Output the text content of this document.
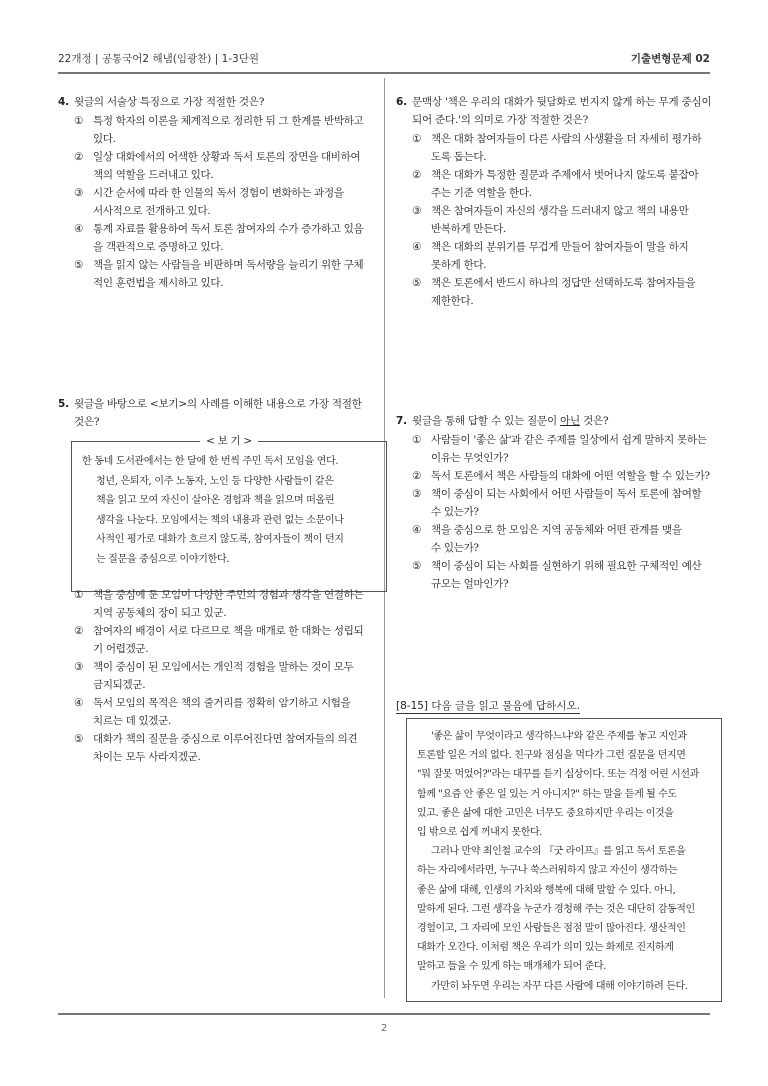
22개정 | 공통국어2 해냄(임광찬) | 1-3단원	기출변형문제 02
4. 윗글의 서술상 특징으로 가장 적절한 것은?
① 특정 학자의 이론을 체계적으로 정리한 뒤 그 한계를 반박하고
있다.
② 일상 대화에서의 어색한 상황과 독서 토론의 장면을 대비하여
책의 역할을 드러내고 있다.
③ 시간 순서에 따라 한 인물의 독서 경험이 변화하는 과정을
서사적으로 전개하고 있다.
④ 통계 자료를 활용하여 독서 토론 참여자의 수가 증가하고 있음
을 객관적으로 증명하고 있다.
⑤ 책을 읽지 않는 사람들을 비판하며 독서량을 늘리기 위한 구체
적인 훈련법을 제시하고 있다.
5. 윗글을 바탕으로 <보기>의 사례를 이해한 내용으로 가장 적절한
것은?
< 보 기 >

한 동네 도서관에서는 한 달에 한 번씩 주민 독서 모임을 연다.

청년, 은퇴자, 이주 노동자, 노인 등 다양한 사람들이 같은

책을 읽고 모여 자신이 살아온 경험과 책을 읽으며 떠올린

생각을 나눈다. 모임에서는 책의 내용과 관련 없는 소문이나

사적인 평가로 대화가 흐르지 않도록, 참여자들이 책이 던지

는 질문을 중심으로 이야기한다.

① 책을 중심에 둔 모임이 다양한 주민의 경험과 생각을 연결하는
지역 공동체의 장이 되고 있군.
② 참여자의 배경이 서로 다르므로 책을 매개로 한 대화는 성립되
기 어렵겠군.
③ 책이 중심이 된 모임에서는 개인적 경험을 말하는 것이 모두
금지되겠군.
④ 독서 모임의 목적은 책의 줄거리를 정확히 암기하고 시험을
치르는 데 있겠군.
⑤ 대화가 책의 질문을 중심으로 이루어진다면 참여자들의 의견
차이는 모두 사라지겠군.
6. 문맥상 '책은 우리의 대화가 뒷담화로 번지지 않게 하는 무게 중심이
되어 준다.'의 의미로 가장 적절한 것은?
① 책은 대화 참여자들이 다른 사람의 사생활을 더 자세히 평가하
도록 돕는다.
② 책은 대화가 특정한 질문과 주제에서 벗어나지 않도록 붙잡아
주는 기준 역할을 한다.
③ 책은 참여자들이 자신의 생각을 드러내지 않고 책의 내용만
반복하게 만든다.
④ 책은 대화의 분위기를 무겁게 만들어 참여자들이 말을 하지
못하게 한다.
⑤ 책은 토론에서 반드시 하나의 정답만 선택하도록 참여자들을
제한한다.
7. 윗글을 통해 답할 수 있는 질문이 아닌 것은?
① 사람들이 '좋은 삶'과 같은 주제를 일상에서 쉽게 말하지 못하는
이유는 무엇인가?
② 독서 토론에서 책은 사람들의 대화에 어떤 역할을 할 수 있는가?
③ 책이 중심이 되는 사회에서 어떤 사람들이 독서 토론에 참여할
수 있는가?
④ 책을 중심으로 한 모임은 지역 공동체와 어떤 관계를 맺을
수 있는가?
⑤ 책이 중심이 되는 사회를 실현하기 위해 필요한 구체적인 예산
규모는 얼마인가?
[8-15] 다음 글을 읽고 물음에 답하시오.

'좋은 삶이 무엇이라고 생각하느냐'와 같은 주제를 놓고 지인과

토론할 일은 거의 없다. 친구와 점심을 먹다가 그런 질문을 던지면

"뭐 잘못 먹었어?"라는 대꾸를 듣기 십상이다. 또는 걱정 어린 시선과

함께 "요즘 안 좋은 일 있는 거 아니지?" 하는 말을 듣게 될 수도

있고. 좋은 삶에 대한 고민은 너무도 중요하지만 우리는 이것을

입 밖으로 쉽게 꺼내지 못한다.

그러나 만약 최인철 교수의 『굿 라이프』를 읽고 독서 토론을

하는 자리에서라면, 누구나 쑥스러워하지 않고 자신이 생각하는

좋은 삶에 대해, 인생의 가치와 행복에 대해 말할 수 있다. 아니,

말하게 된다. 그런 생각을 누군가 경청해 주는 것은 대단히 감동적인

경험이고, 그 자리에 모인 사람들은 점점 말이 많아진다. 생산적인

대화가 오간다. 이처럼 책은 우리가 의미 있는 화제로 진지하게

말하고 들을 수 있게 하는 매개체가 되어 준다.

가만히 놔두면 우리는 자꾸 다른 사람에 대해 이야기하려 든다.

2
